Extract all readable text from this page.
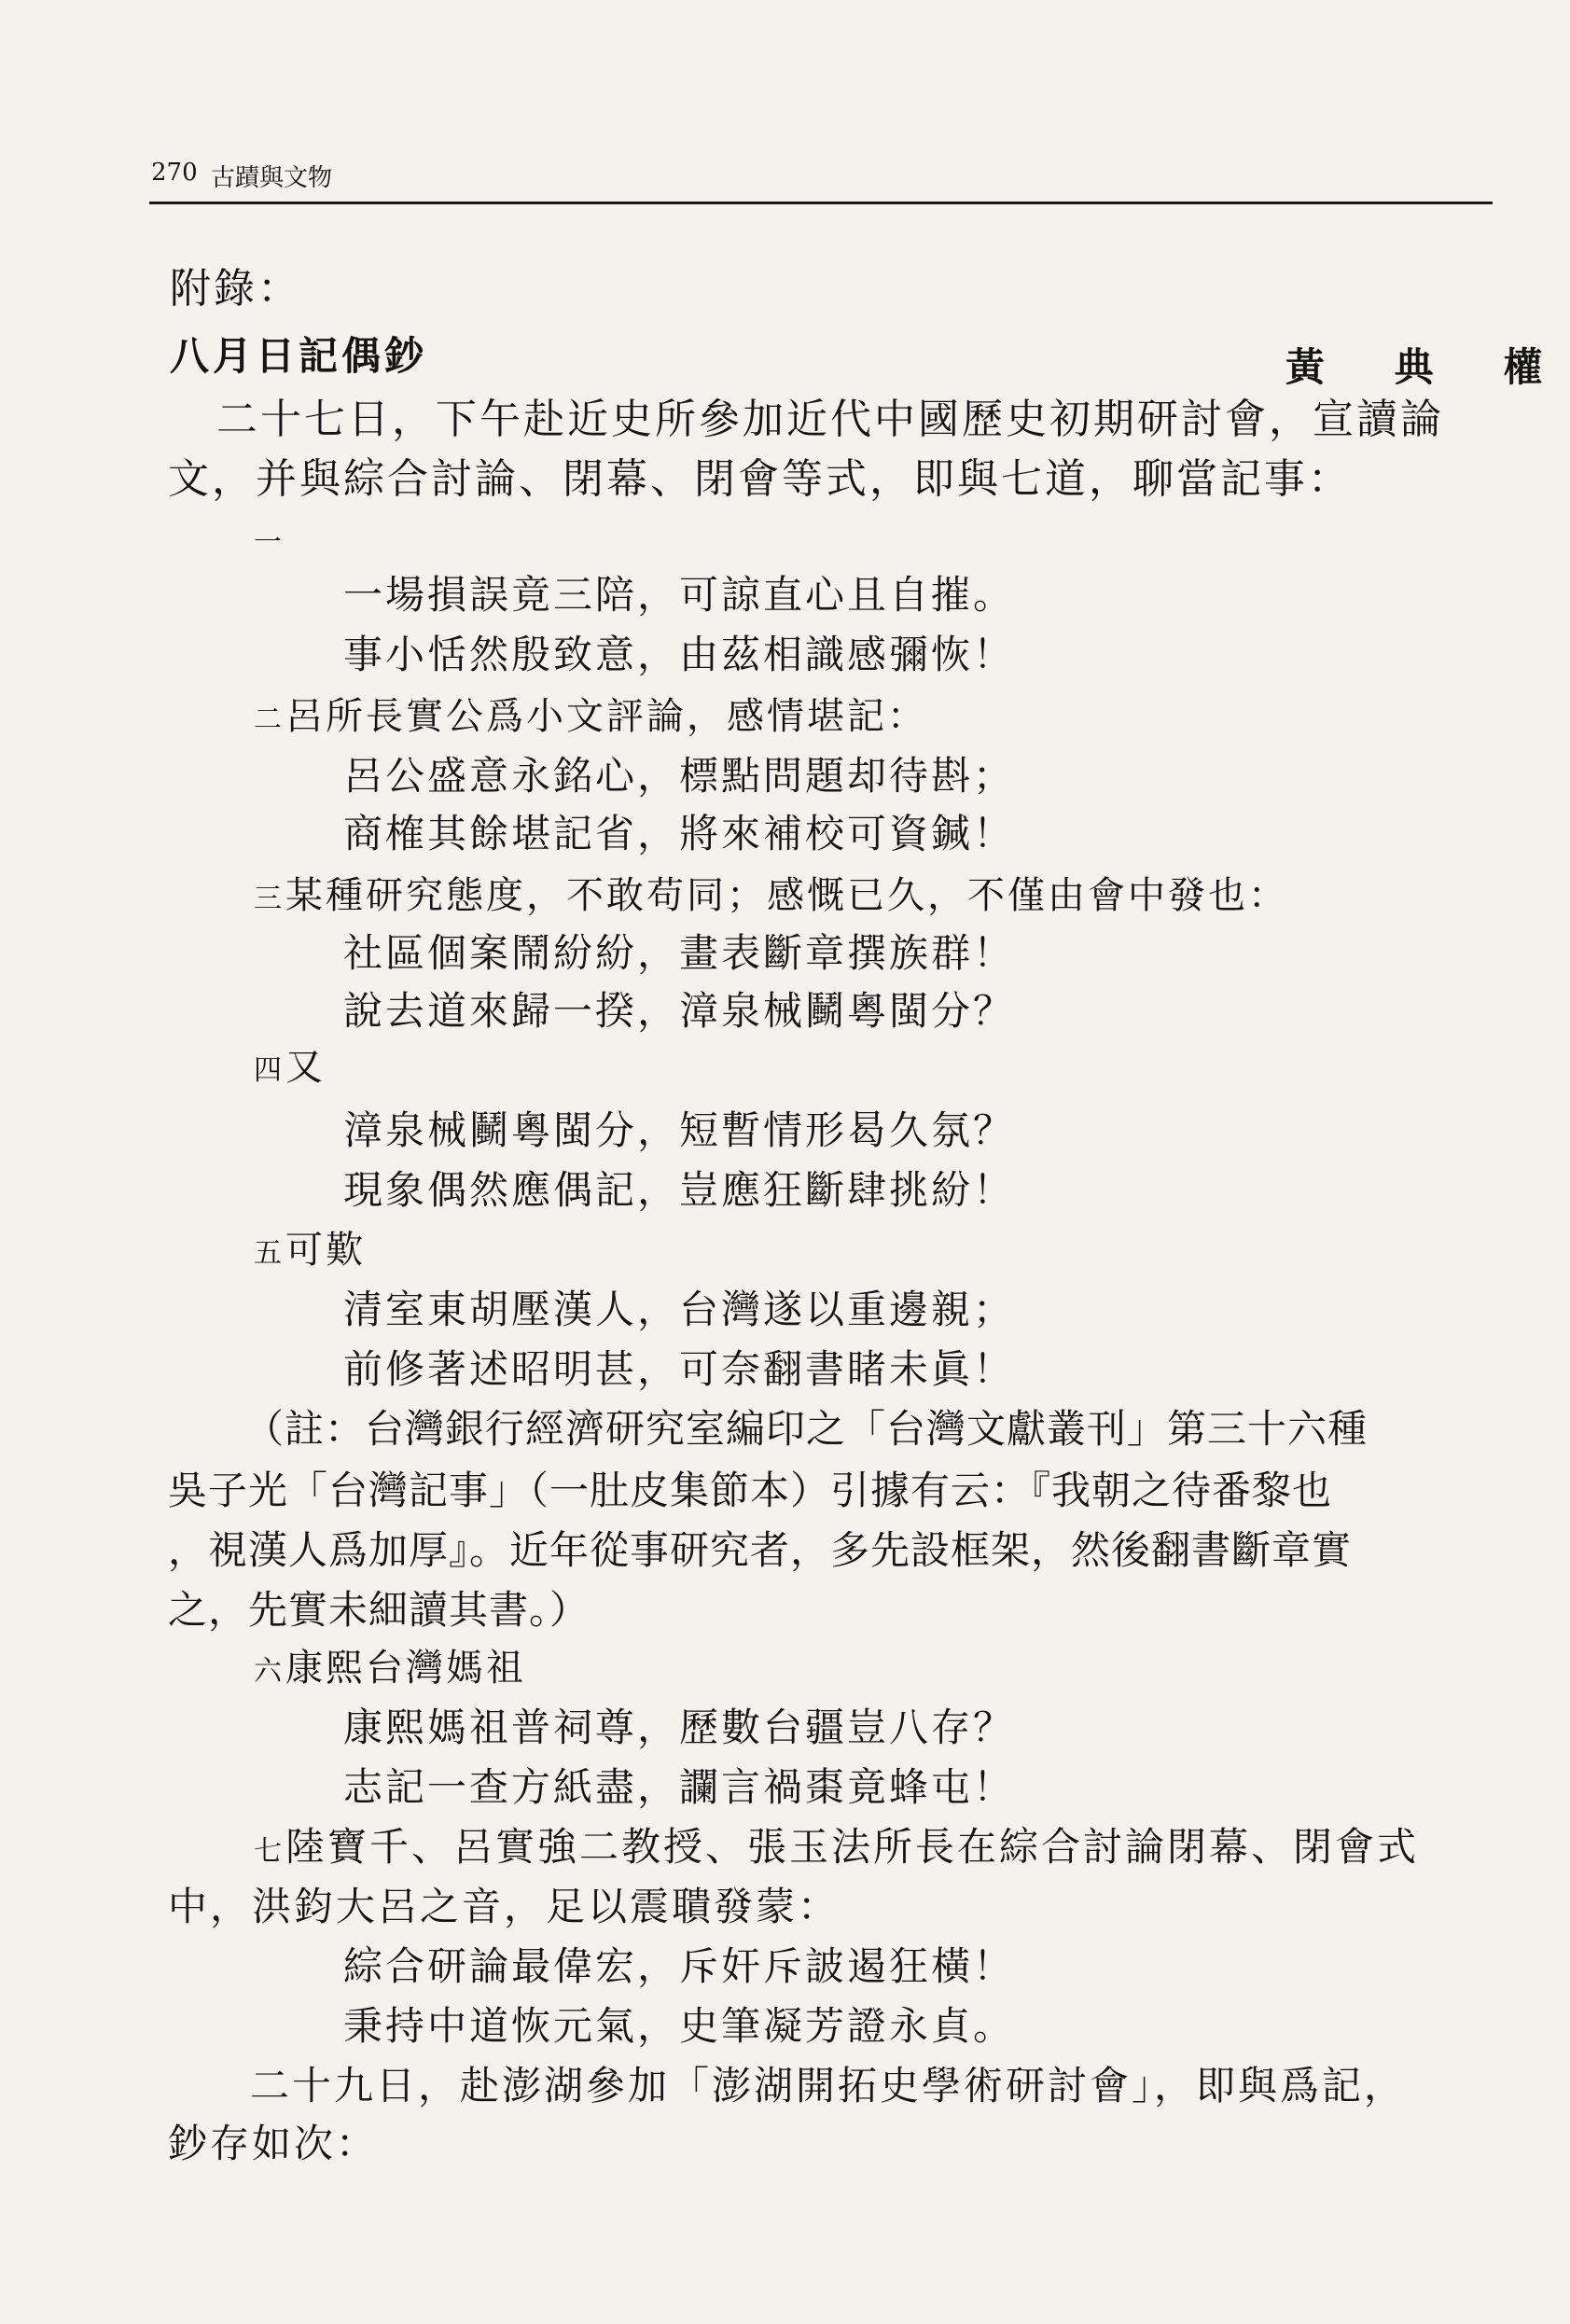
270 古蹟與文物
附錄：
八月日記偶鈔	黃 典 權
二十七日，下午赴近史所參加近代中國歷史初期研討會，宣讀論
文，并與綜合討論、閉幕、閉會等式，即與七道，聊當記事：
一
一場損誤竟三陪，可諒直心且自摧。
事小恬然殷致意，由茲相識感彌恢！
二 呂所長實公爲小文評論，感情堪記：
呂公盛意永銘心，標點問題却待斟；
商榷其餘堪記省，將來補校可資鍼！
三 某種研究態度，不敢苟同；感慨已久，不僅由會中發也：
社區個案鬧紛紛，畫表斷章撰族群！
說去道來歸一揆，漳泉械鬭粵閩分？
四 又
漳泉械鬭粵閩分，短暫情形曷久氛？
現象偶然應偶記，豈應狂斷肆挑紛！
五 可歎
清室東胡壓漢人，台灣遂以重邊親；
前修著述昭明甚，可奈翻書睹未眞！
（註：台灣銀行經濟研究室編印之「台灣文獻叢刊」第三十六種
吳子光「台灣記事」（一肚皮集節本）引據有云：『我朝之待番黎也
，視漢人爲加厚』。近年從事研究者，多先設框架，然後翻書斷章實
之，先實未細讀其書。）
六 康熙台灣媽祖
康熙媽祖普祠尊，歷數台疆豈八存？
志記一查方紙盡，讕言禍棗竟蜂屯！
七陸寶千、呂實強二教授、張玉法所長在綜合討論閉幕、閉會式
中，洪鈞大呂之音，足以震聵發蒙：
綜合研論最偉宏，斥奸斥詖遏狂橫！
秉持中道恢元氣，史筆凝芳證永貞。
二十九日，赴澎湖參加「澎湖開拓史學術研討會」，即與爲記，
鈔存如次：
